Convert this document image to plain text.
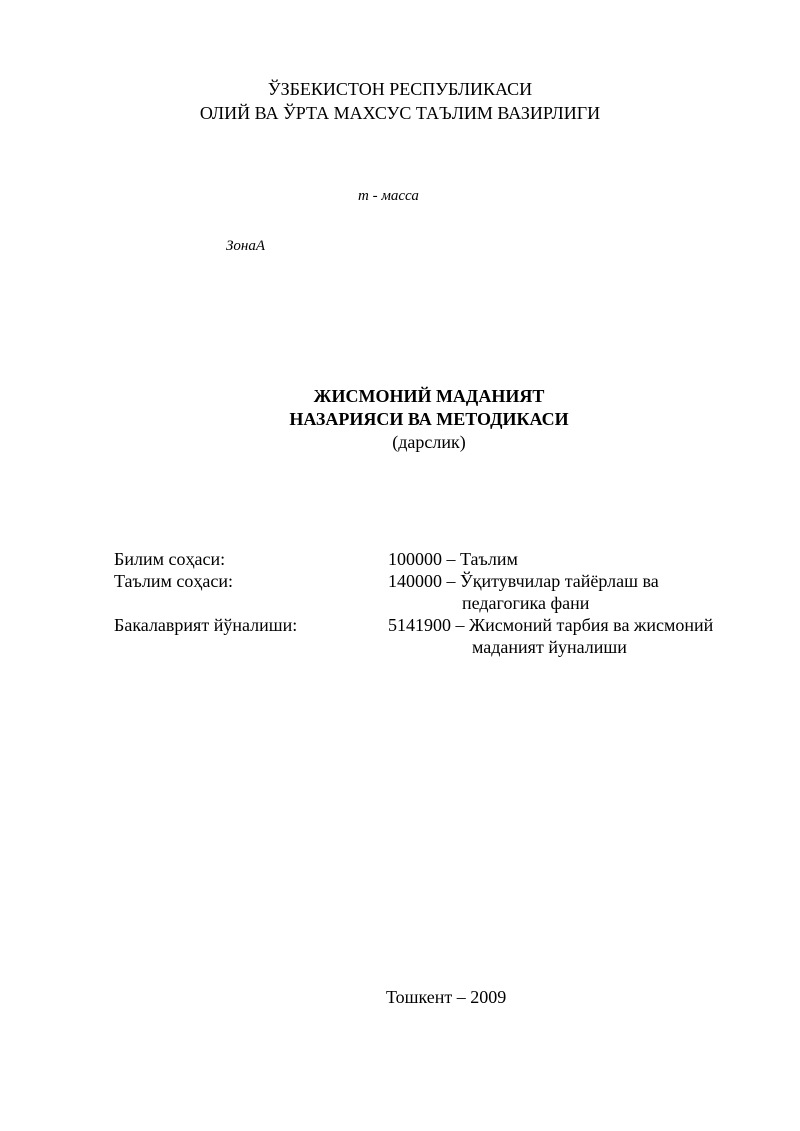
ЎЗБЕКИСТОН РЕСПУБЛИКАСИ
ОЛИЙ ВА ЎРТА МАХСУС ТАЪЛИМ ВАЗИРЛИГИ
m - масса
ЗонаА
ЖИСМОНИЙ МАДАНИЯТ
НАЗАРИЯСИ ВА МЕТОДИКАСИ
(дарслик)
Билим соҳаси:	100000 – Таълим
Таълим соҳаси:	140000 – Ўқитувчилар тайёрлаш ва
педагогика фани
Бакалаврият йўналиши:	5141900 – Жисмоний тарбия ва жисмоний
маданият йуналиши
Тошкент – 2009
